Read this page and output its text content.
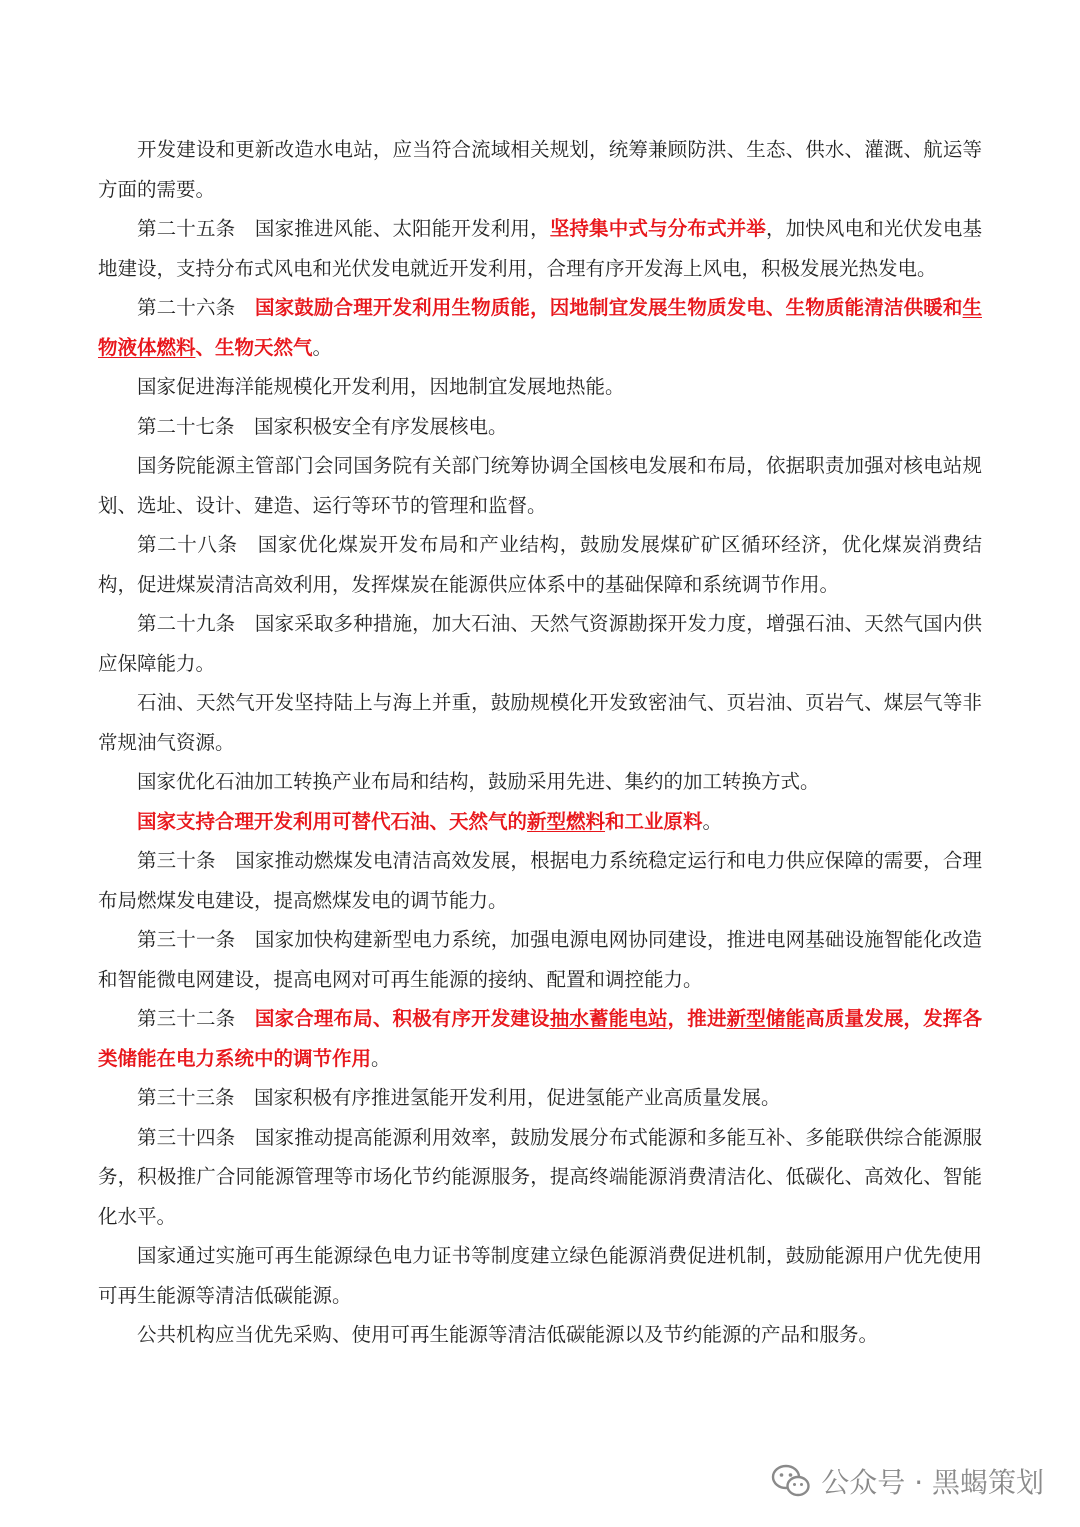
开发建设和更新改造水电站，应当符合流域相关规划，统筹兼顾防洪、生态、供水、灌溉、航运等方面的需要。

第二十五条　国家推进风能、太阳能开发利用，坚持集中式与分布式并举，加快风电和光伏发电基地建设，支持分布式风电和光伏发电就近开发利用，合理有序开发海上风电，积极发展光热发电。

第二十六条　国家鼓励合理开发利用生物质能，因地制宜发展生物质发电、生物质能清洁供暖和生物液体燃料、生物天然气。

国家促进海洋能规模化开发利用，因地制宜发展地热能。

第二十七条　国家积极安全有序发展核电。

国务院能源主管部门会同国务院有关部门统筹协调全国核电发展和布局，依据职责加强对核电站规划、选址、设计、建造、运行等环节的管理和监督。

第二十八条　国家优化煤炭开发布局和产业结构，鼓励发展煤矿矿区循环经济，优化煤炭消费结构，促进煤炭清洁高效利用，发挥煤炭在能源供应体系中的基础保障和系统调节作用。

第二十九条　国家采取多种措施，加大石油、天然气资源勘探开发力度，增强石油、天然气国内供应保障能力。

石油、天然气开发坚持陆上与海上并重，鼓励规模化开发致密油气、页岩油、页岩气、煤层气等非常规油气资源。

国家优化石油加工转换产业布局和结构，鼓励采用先进、集约的加工转换方式。

国家支持合理开发利用可替代石油、天然气的新型燃料和工业原料。

第三十条　国家推动燃煤发电清洁高效发展，根据电力系统稳定运行和电力供应保障的需要，合理布局燃煤发电建设，提高燃煤发电的调节能力。

第三十一条　国家加快构建新型电力系统，加强电源电网协同建设，推进电网基础设施智能化改造和智能微电网建设，提高电网对可再生能源的接纳、配置和调控能力。

第三十二条　国家合理布局、积极有序开发建设抽水蓄能电站，推进新型储能高质量发展，发挥各类储能在电力系统中的调节作用。

第三十三条　国家积极有序推进氢能开发利用，促进氢能产业高质量发展。

第三十四条　国家推动提高能源利用效率，鼓励发展分布式能源和多能互补、多能联供综合能源服务，积极推广合同能源管理等市场化节约能源服务，提高终端能源消费清洁化、低碳化、高效化、智能化水平。

国家通过实施可再生能源绿色电力证书等制度建立绿色能源消费促进机制，鼓励能源用户优先使用可再生能源等清洁低碳能源。

公共机构应当优先采购、使用可再生能源等清洁低碳能源以及节约能源的产品和服务。

公众号 · 黑蝎策划
